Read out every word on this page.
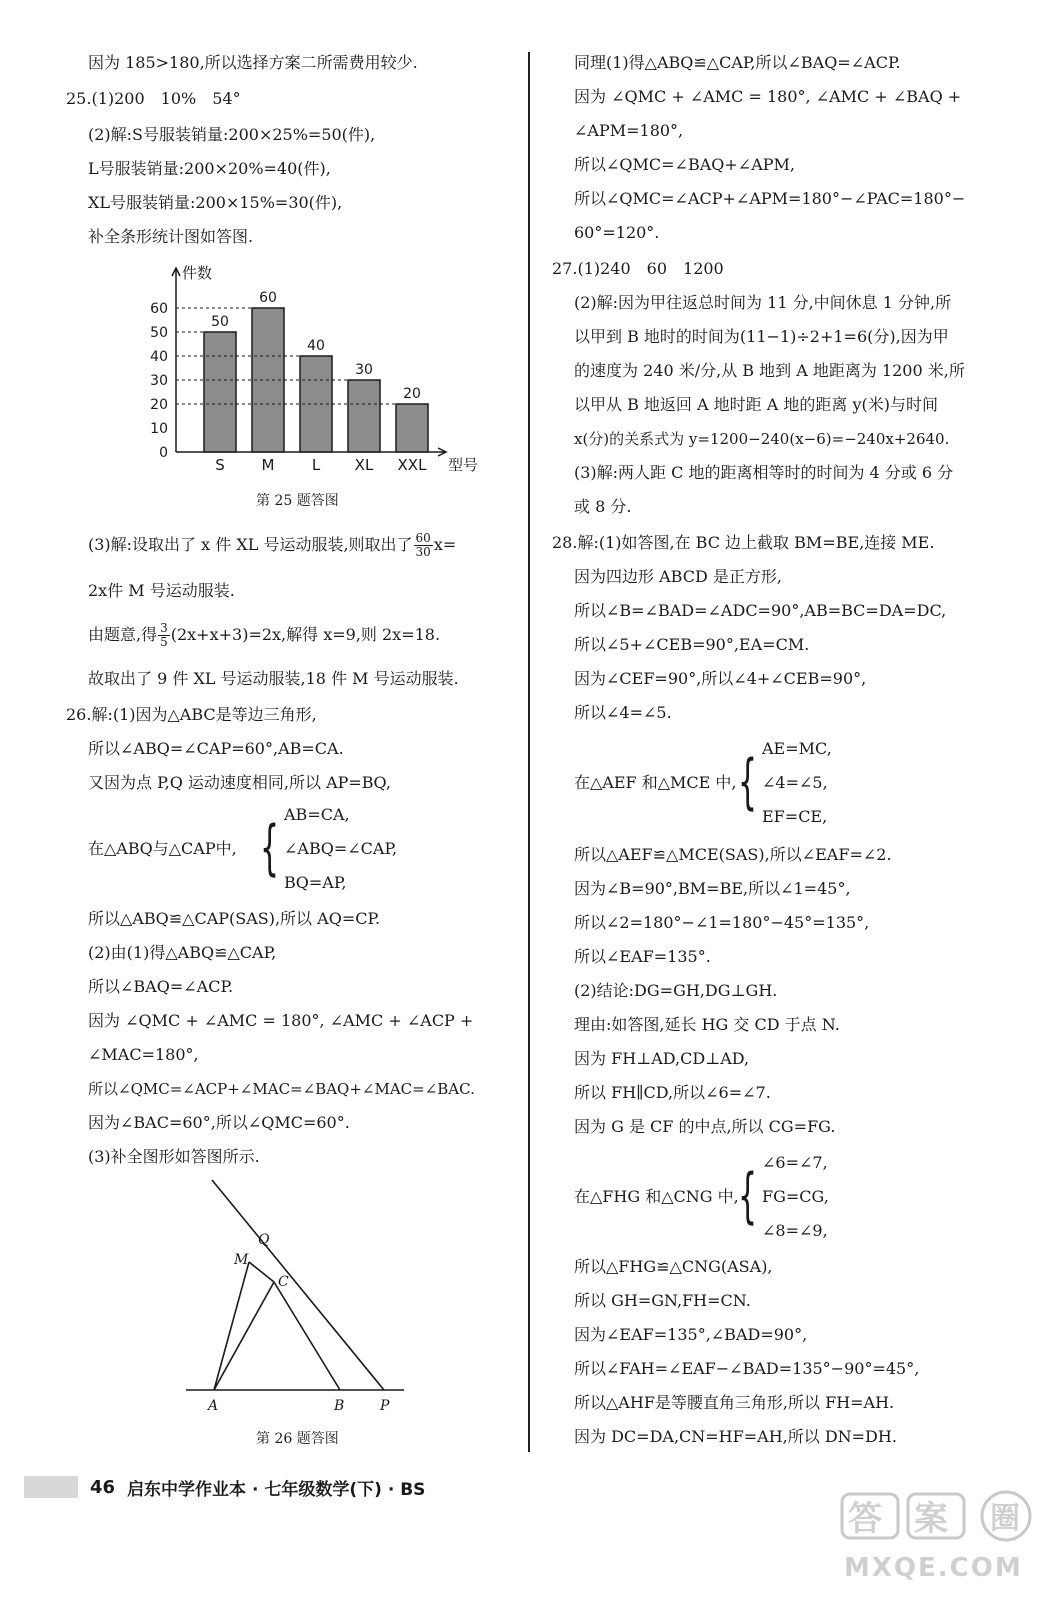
因为 185>180,所以选择方案二所需费用较少.
25.(1)200　10%　54°
(2)解:S号服装销量:200×25%=50(件),
L号服装销量:200×20%=40(件),
XL号服装销量:200×15%=30(件),
补全条形统计图如答图.
件数
型号
0
10
20
30
40
50
60
50
S
60
M
40
L
30
XL
20
XXL
第 25 题答图
(3)解:设取出了 x 件 XL 号运动服装,则取出了 $\frac{60}{30} x=$
2x件 M 号运动服装.
由题意,得 $\frac{3}{5} (2x+x+3)=2x$,解得 x=9,则 2x=18.
故取出了 9 件 XL 号运动服装,18 件 M 号运动服装.
26.解:(1)因为△ABC是等边三角形,
所以∠ABQ=∠CAP=60°,AB=CA.
又因为点 P,Q 运动速度相同,所以 AP=BQ,
在△ABQ与△CAP中, { AB=CA,
∠ABQ=∠CAP,
BQ=AP,
所以△ABQ≌△CAP(SAS),所以 AQ=CP.
(2)由(1)得△ABQ≌△CAP,
所以∠BAQ=∠ACP.
因为 ∠QMC + ∠AMC = 180°, ∠AMC + ∠ACP +
∠MAC=180°,
所以∠QMC=∠ACP+∠MAC=∠BAQ+∠MAC=∠BAC.
因为∠BAC=60°,所以∠QMC=60°.
(3)补全图形如答图所示.
Q
M
C
A	B	P
第 26 题答图
同理(1)得△ABQ≌△CAP,所以∠BAQ=∠ACP.
因为 ∠QMC + ∠AMC = 180°, ∠AMC + ∠BAQ +
∠APM=180°,
所以∠QMC=∠BAQ+∠APM,
所以∠QMC=∠ACP+∠APM=180°−∠PAC=180°−
60°=120°.
27.(1)240　60　1200
(2)解:因为甲往返总时间为 11 分,中间休息 1 分钟,所
以甲到 B 地时的时间为(11−1)÷2+1=6(分),因为甲
的速度为 240 米/分,从 B 地到 A 地距离为 1200 米,所
以甲从 B 地返回 A 地时距 A 地的距离 y(米)与时间
x(分)的关系式为 y=1200−240(x−6)=−240x+2640.
(3)解:两人距 C 地的距离相等时的时间为 4 分或 6 分
或 8 分.
28.解:(1)如答图,在 BC 边上截取 BM=BE,连接 ME.
因为四边形 ABCD 是正方形,
所以∠B=∠BAD=∠ADC=90°,AB=BC=DA=DC,
所以∠5+∠CEB=90°,EA=CM.
因为∠CEF=90°,所以∠4+∠CEB=90°,
所以∠4=∠5.
在△AEF 和△MCE 中, { AE=MC,
∠4=∠5,
EF=CE,
所以△AEF≌△MCE(SAS),所以∠EAF=∠2.
因为∠B=90°,BM=BE,所以∠1=45°,
所以∠2=180°−∠1=180°−45°=135°,
所以∠EAF=135°.
(2)结论:DG=GH,DG⊥GH.
理由:如答图,延长 HG 交 CD 于点 N.
因为 FH⊥AD,CD⊥AD,
所以 FH∥CD,所以∠6=∠7.
因为 G 是 CF 的中点,所以 CG=FG.
在△FHG 和△CNG 中, { ∠6=∠7,
FG=CG,
∠8=∠9,
所以△FHG≌△CNG(ASA),
所以 GH=GN,FH=CN.
因为∠EAF=135°,∠BAD=90°,
所以∠FAH=∠EAF−∠BAD=135°−90°=45°,
所以△AHF是等腰直角三角形,所以 FH=AH.
因为 DC=DA,CN=HF=AH,所以 DN=DH.
46 启东中学作业本 · 七年级数学(下) · BS
答 案 圈
MXQE.COM
